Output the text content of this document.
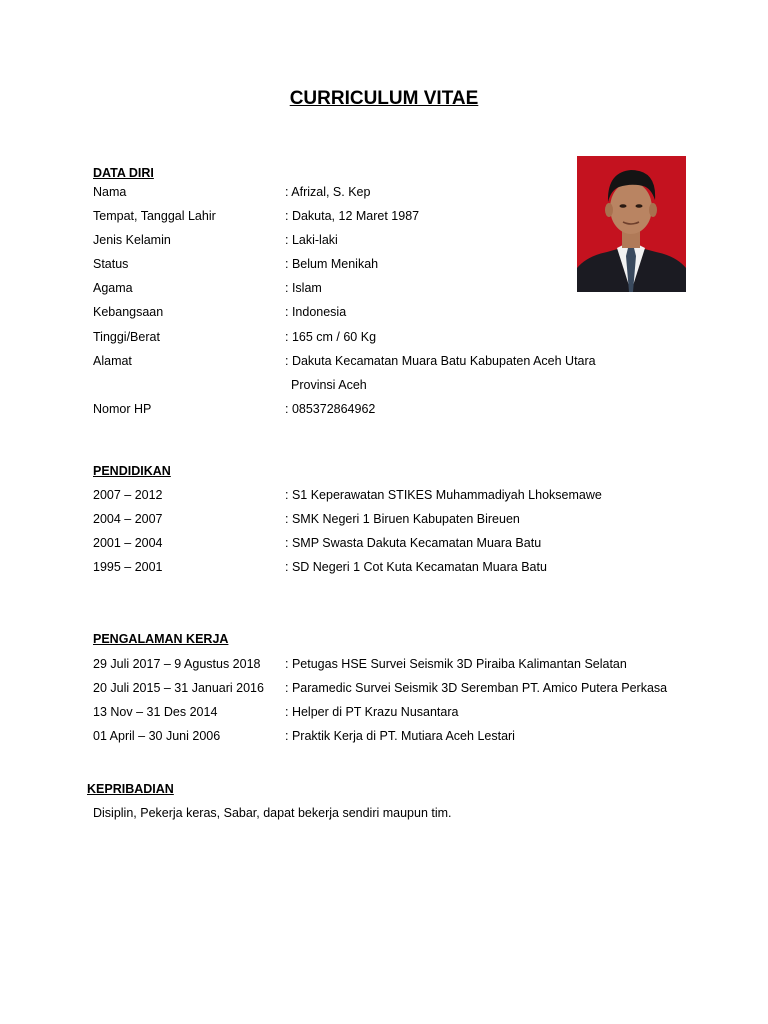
CURRICULUM VITAE
DATA DIRI
Nama	: Afrizal, S. Kep
Tempat, Tanggal Lahir	: Dakuta, 12 Maret 1987
Jenis Kelamin	: Laki-laki
Status	: Belum Menikah
Agama	: Islam
Kebangsaan	: Indonesia
Tinggi/Berat	: 165 cm / 60 Kg
Alamat	: Dakuta Kecamatan Muara Batu Kabupaten Aceh Utara
Provinsi Aceh
Nomor HP	: 085372864962
PENDIDIKAN
2007 – 2012	: S1 Keperawatan STIKES Muhammadiyah Lhoksemawe
2004 – 2007	: SMK Negeri 1 Biruen Kabupaten Bireuen
2001 – 2004	: SMP Swasta Dakuta Kecamatan Muara Batu
1995 – 2001	: SD Negeri 1 Cot Kuta Kecamatan Muara Batu
PENGALAMAN KERJA
29 Juli 2017 – 9 Agustus 2018 : Petugas HSE Survei Seismik 3D Piraiba Kalimantan Selatan
20 Juli 2015 – 31 Januari 2016 : Paramedic Survei Seismik 3D Seremban PT. Amico Putera Perkasa
13 Nov – 31 Des 2014	: Helper di PT Krazu Nusantara
01 April – 30 Juni 2006	: Praktik Kerja di PT. Mutiara Aceh Lestari
KEPRIBADIAN
Disiplin, Pekerja keras, Sabar, dapat bekerja sendiri maupun tim.
